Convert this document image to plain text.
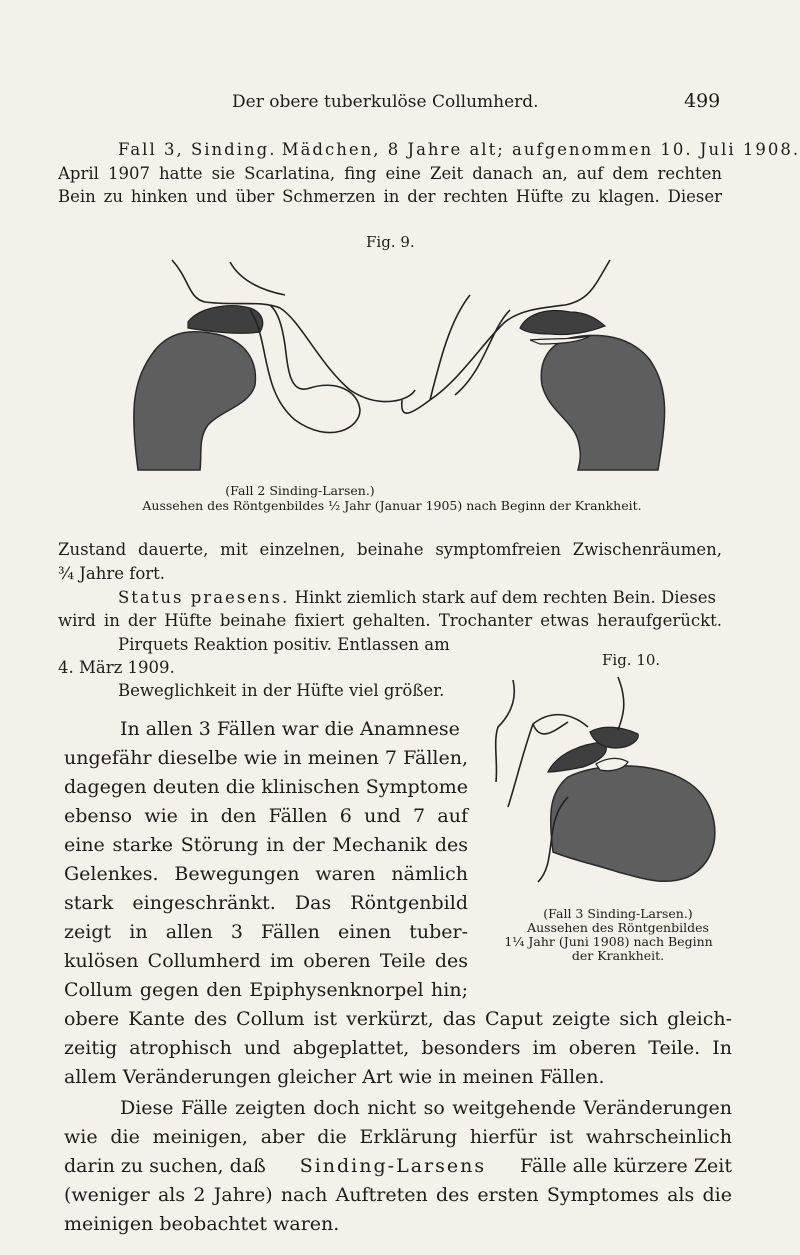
Der obere tuberkulöse Collumherd.	499
Fall 3, Sinding. Mädchen, 8 Jahre alt; aufgenommen 10. Juli 1908.
April 1907 hatte sie Scarlatina, fing eine Zeit danach an, auf dem rechten
Bein zu hinken und über Schmerzen in der rechten Hüfte zu klagen. Dieser
Fig. 9.
(Fall 2 Sinding-Larsen.)
Aussehen des Röntgenbildes ½ Jahr (Januar 1905) nach Beginn der Krankheit.
Zustand dauerte, mit einzelnen, beinahe symptomfreien Zwischenräumen,
¾ Jahre fort.
Status praesens. Hinkt ziemlich stark auf dem rechten Bein. Dieses
wird in der Hüfte beinahe fixiert gehalten. Trochanter etwas heraufgerückt.
Pirquets Reaktion positiv. Entlassen am
4. März 1909.
Beweglichkeit in der Hüfte viel größer.
Fig. 10.
(Fall 3 Sinding-Larsen.)
Aussehen des Röntgenbildes
1¼ Jahr (Juni 1908) nach Beginn
der Krankheit.
In allen 3 Fällen war die Anamnese
ungefähr dieselbe wie in meinen 7 Fällen,
dagegen deuten die klinischen Symptome
ebenso wie in den Fällen 6 und 7 auf
eine starke Störung in der Mechanik des
Gelenkes. Bewegungen waren nämlich
stark eingeschränkt. Das Röntgenbild
zeigt in allen 3 Fällen einen tuber-
kulösen Collumherd im oberen Teile des
Collum gegen den Epiphysenknorpel hin;
obere Kante des Collum ist verkürzt, das Caput zeigte sich gleich-
zeitig atrophisch und abgeplattet, besonders im oberen Teile. In
allem Veränderungen gleicher Art wie in meinen Fällen.
Diese Fälle zeigten doch nicht so weitgehende Veränderungen
wie die meinigen, aber die Erklärung hierfür ist wahrscheinlich
darin zu suchen, daß Sinding-Larsens Fälle alle kürzere Zeit
(weniger als 2 Jahre) nach Auftreten des ersten Symptomes als die
meinigen beobachtet waren.
